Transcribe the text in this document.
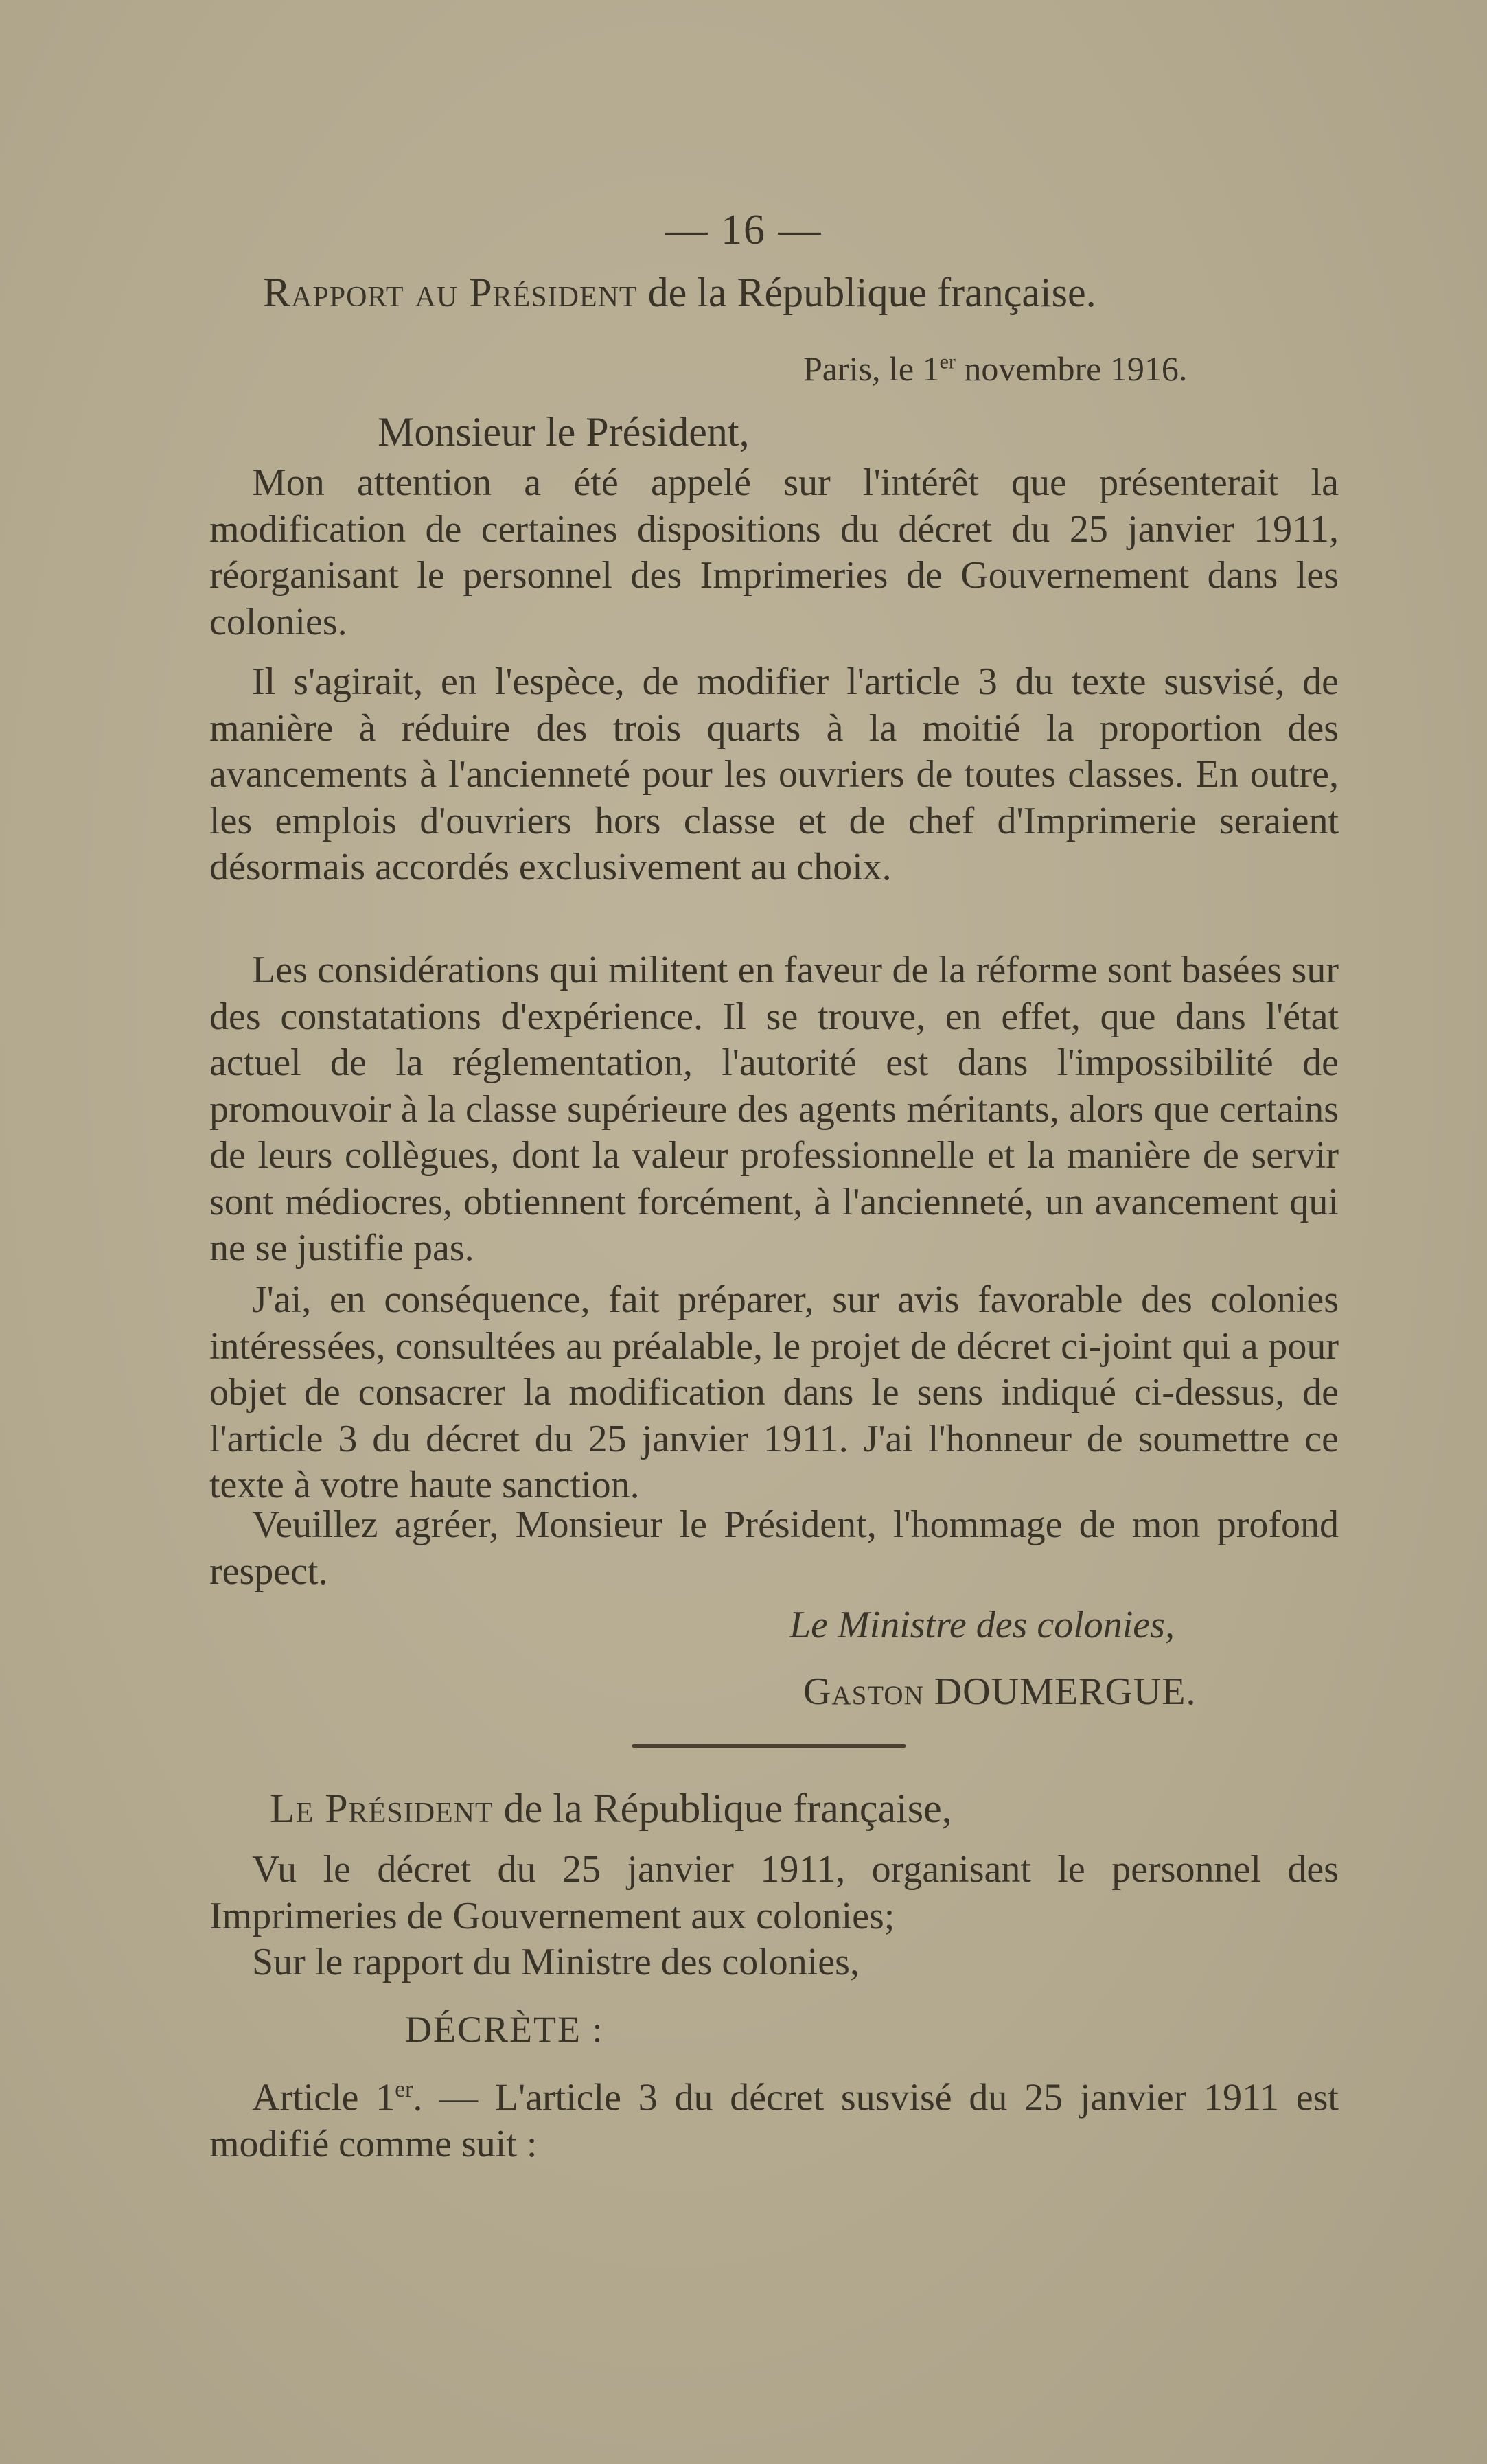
— 16 —
Rapport au Président de la République française.
Paris, le 1er novembre 1916.
Monsieur le Président,

Mon attention a été appelé sur l'intérêt que présenterait la modification de certaines dispositions du décret du 25 janvier 1911, réorganisant le personnel des Imprimeries de Gouvernement dans les colonies.

Il s'agirait, en l'espèce, de modifier l'article 3 du texte susvisé, de manière à réduire des trois quarts à la moitié la proportion des avancements à l'ancienneté pour les ouvriers de toutes classes. En outre, les emplois d'ouvriers hors classe et de chef d'Imprimerie seraient désormais accordés exclusivement au choix.

Les considérations qui militent en faveur de la réforme sont basées sur des constatations d'expérience. Il se trouve, en effet, que dans l'état actuel de la réglementation, l'autorité est dans l'impossibilité de promouvoir à la classe supérieure des agents méritants, alors que certains de leurs collègues, dont la valeur professionnelle et la manière de servir sont médiocres, obtiennent forcément, à l'ancienneté, un avancement qui ne se justifie pas.

J'ai, en conséquence, fait préparer, sur avis favorable des colonies intéressées, consultées au préalable, le projet de décret ci-joint qui a pour objet de consacrer la modification dans le sens indiqué ci-dessus, de l'article 3 du décret du 25 janvier 1911. J'ai l'honneur de soumettre ce texte à votre haute sanction.

Veuillez agréer, Monsieur le Président, l'hommage de mon profond respect.

Le Ministre des colonies,
Gaston DOUMERGUE.
Le Président de la République française,

Vu le décret du 25 janvier 1911, organisant le personnel des Imprimeries de Gouvernement aux colonies;

Sur le rapport du Ministre des colonies,

DÉCRÈTE :

Article 1er. — L'article 3 du décret susvisé du 25 janvier 1911 est modifié comme suit :
